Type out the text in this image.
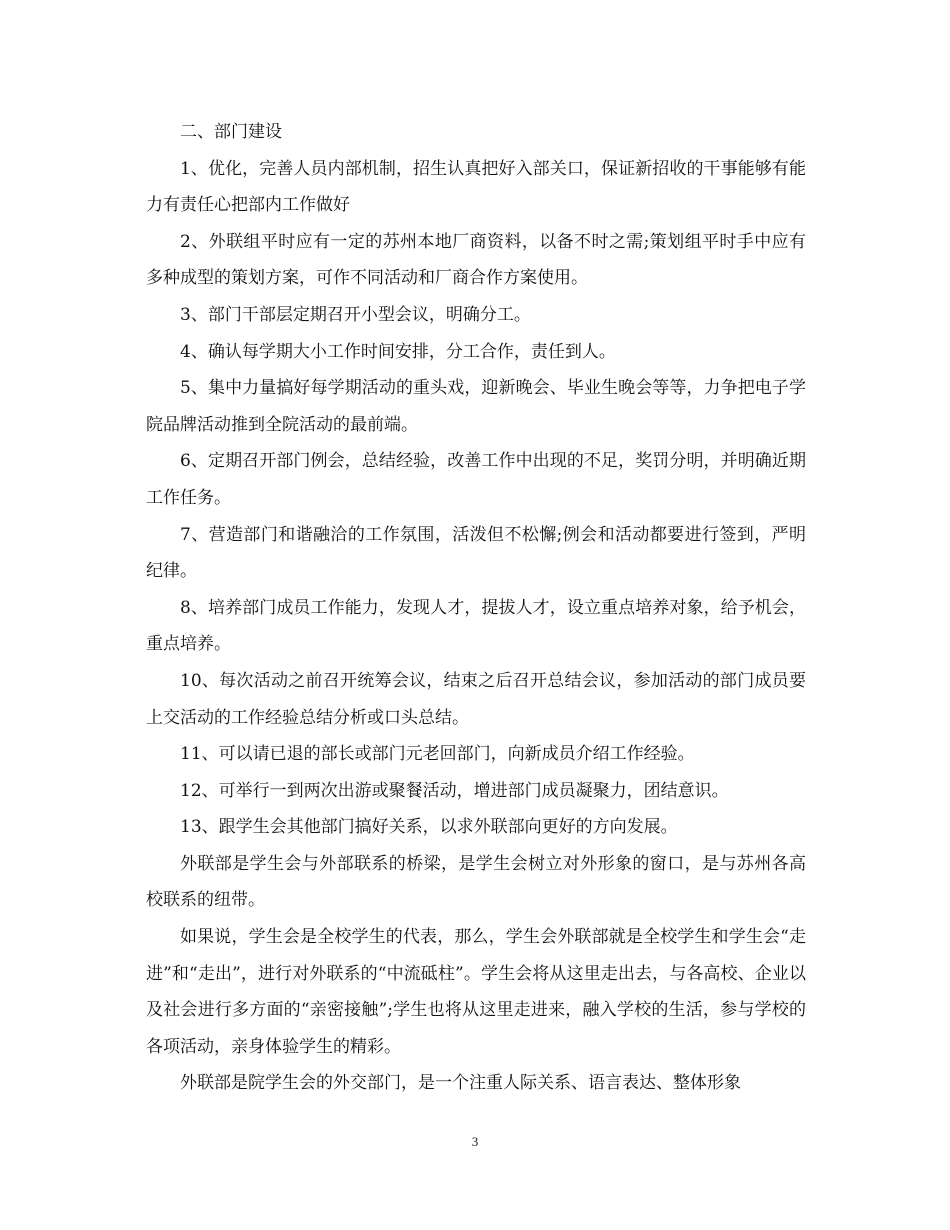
二、部门建设

1、优化，完善人员内部机制，招生认真把好入部关口，保证新招收的干事能够有能力有责任心把部内工作做好

2、外联组平时应有一定的苏州本地厂商资料，以备不时之需;策划组平时手中应有多种成型的策划方案，可作不同活动和厂商合作方案使用。

3、部门干部层定期召开小型会议，明确分工。

4、确认每学期大小工作时间安排，分工合作，责任到人。

5、集中力量搞好每学期活动的重头戏，迎新晚会、毕业生晚会等等，力争把电子学院品牌活动推到全院活动的最前端。

6、定期召开部门例会，总结经验，改善工作中出现的不足，奖罚分明，并明确近期工作任务。

7、营造部门和谐融洽的工作氛围，活泼但不松懈;例会和活动都要进行签到，严明纪律。

8、培养部门成员工作能力，发现人才，提拔人才，设立重点培养对象，给予机会，重点培养。

10、每次活动之前召开统筹会议，结束之后召开总结会议，参加活动的部门成员要上交活动的工作经验总结分析或口头总结。

11、可以请已退的部长或部门元老回部门，向新成员介绍工作经验。

12、可举行一到两次出游或聚餐活动，增进部门成员凝聚力，团结意识。

13、跟学生会其他部门搞好关系，以求外联部向更好的方向发展。

外联部是学生会与外部联系的桥梁，是学生会树立对外形象的窗口，是与苏州各高校联系的纽带。

如果说，学生会是全校学生的代表，那么，学生会外联部就是全校学生和学生会“走进”和“走出”，进行对外联系的“中流砥柱”。学生会将从这里走出去，与各高校、企业以及社会进行多方面的“亲密接触”;学生也将从这里走进来，融入学校的生活，参与学校的各项活动，亲身体验学生的精彩。

外联部是院学生会的外交部门，是一个注重人际关系、语言表达、整体形象

3
